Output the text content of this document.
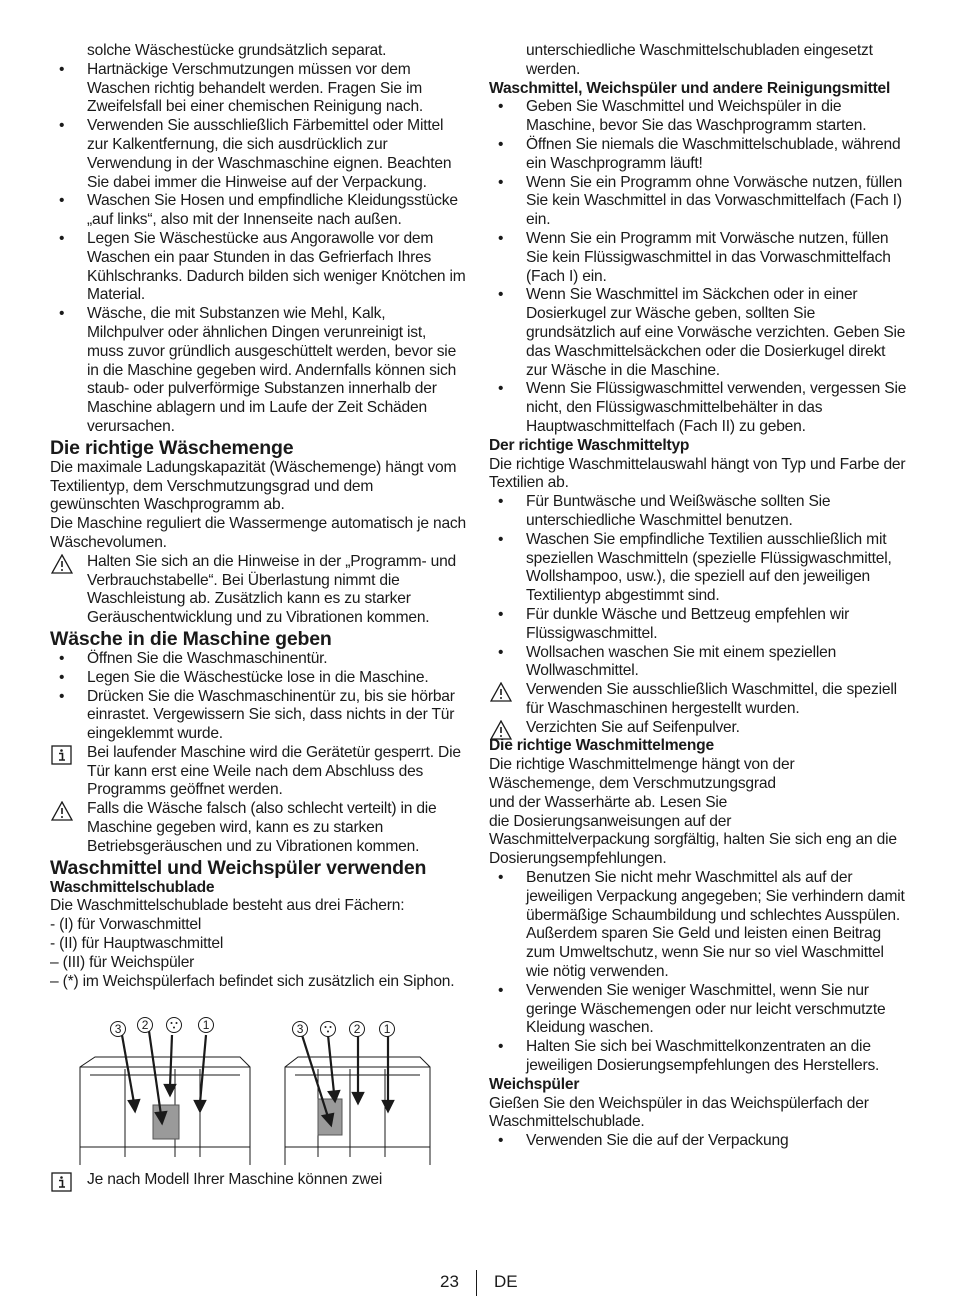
solche Wäschestücke grundsätzlich separat.

• Hartnäckige Verschmutzungen müssen vor dem Waschen richtig behandelt werden. Fragen Sie im Zweifelsfall bei einer chemischen Reinigung nach.

• Verwenden Sie ausschließlich Färbemittel oder Mittel zur Kalkentfernung, die sich ausdrücklich zur Verwendung in der Waschmaschine eignen. Beachten Sie dabei immer die Hinweise auf der Verpackung.

• Waschen Sie Hosen und empfindliche Kleidungsstücke „auf links“, also mit der Innenseite nach außen.

• Legen Sie Wäschestücke aus Angorawolle vor dem Waschen ein paar Stunden in das Gefrierfach Ihres Kühlschranks. Dadurch bilden sich weniger Knötchen im Material.

• Wäsche, die mit Substanzen wie Mehl, Kalk, Milchpulver oder ähnlichen Dingen verunreinigt ist, muss zuvor gründlich ausgeschüttelt werden, bevor sie in die Maschine gegeben wird. Andernfalls können sich staub- oder pulverförmige Substanzen innerhalb der Maschine ablagern und im Laufe der Zeit Schäden verursachen.

Die richtige Wäschemenge

Die maximale Ladungskapazität (Wäschemenge) hängt vom Textilientyp, dem Verschmutzungsgrad und dem gewünschten Waschprogramm ab.

Die Maschine reguliert die Wassermenge automatisch je nach Wäschevolumen.

Halten Sie sich an die Hinweise in der „Programm- und Verbrauchstabelle“. Bei Überlastung nimmt die Waschleistung ab. Zusätzlich kann es zu starker Geräuschentwicklung und zu Vibrationen kommen.

Wäsche in die Maschine geben

• Öffnen Sie die Waschmaschinentür.

• Legen Sie die Wäschestücke lose in die Maschine.

• Drücken Sie die Waschmaschinentür zu, bis sie hörbar einrastet. Vergewissern Sie sich, dass nichts in der Tür eingeklemmt wurde.

Bei laufender Maschine wird die Gerätetür gesperrt. Die Tür kann erst eine Weile nach dem Abschluss des Programms geöffnet werden.
Falls die Wäsche falsch (also schlecht verteilt) in die Maschine gegeben wird, kann es zu starken Betriebsgeräuschen und zu Vibrationen kommen.

Waschmittel und Weichspüler verwenden

Waschmittelschublade

Die Waschmittelschublade besteht aus drei Fächern:

- (I) für Vorwaschmittel

- (II) für Hauptwaschmittel

– (III) für Weichspüler

– (*) im Weichspülerfach befindet sich zusätzlich ein Siphon.

3 2	1	3	2 1
Je nach Modell Ihrer Maschine können zwei

unterschiedliche Waschmittelschubladen eingesetzt werden.

Waschmittel, Weichspüler und andere Reinigungsmittel

• Geben Sie Waschmittel und Weichspüler in die Maschine, bevor Sie das Waschprogramm starten.

• Öffnen Sie niemals die Waschmittelschublade, während ein Waschprogramm läuft!

• Wenn Sie ein Programm ohne Vorwäsche nutzen, füllen Sie kein Waschmittel in das Vorwaschmittelfach (Fach I) ein.

• Wenn Sie ein Programm mit Vorwäsche nutzen, füllen Sie kein Flüssigwaschmittel in das Vorwaschmittelfach (Fach I) ein.

• Wenn Sie Waschmittel im Säckchen oder in einer Dosierkugel zur Wäsche geben, sollten Sie grundsätzlich auf eine Vorwäsche verzichten. Geben Sie das Waschmittelsäckchen oder die Dosierkugel direkt zur Wäsche in die Maschine.

• Wenn Sie Flüssigwaschmittel verwenden, vergessen Sie nicht, den Flüssigwaschmittelbehälter in das Hauptwaschmittelfach (Fach II) zu geben.

Der richtige Waschmitteltyp

Die richtige Waschmittelauswahl hängt von Typ und Farbe der Textilien ab.

• Für Buntwäsche und Weißwäsche sollten Sie unterschiedliche Waschmittel benutzen.

• Waschen Sie empfindliche Textilien ausschließlich mit speziellen Waschmitteln (spezielle Flüssigwaschmittel, Wollshampoo, usw.), die speziell auf den jeweiligen Textilientyp abgestimmt sind.

• Für dunkle Wäsche und Bettzeug empfehlen wir Flüssigwaschmittel.

• Wollsachen waschen Sie mit einem speziellen Wollwaschmittel.

Verwenden Sie ausschließlich Waschmittel, die speziell für Waschmaschinen hergestellt wurden.
Verzichten Sie auf Seifenpulver.

Die richtige Waschmittelmenge

Die richtige Waschmittelmenge hängt von der

Wäschemenge, dem Verschmutzungsgrad

und der Wasserhärte ab. Lesen Sie

die Dosierungsanweisungen auf der

Waschmittelverpackung sorgfältig, halten Sie sich eng an die Dosierungsempfehlungen.

• Benutzen Sie nicht mehr Waschmittel als auf der jeweiligen Verpackung angegeben; Sie verhindern damit übermäßige Schaumbildung und schlechtes Ausspülen. Außerdem sparen Sie Geld und leisten einen Beitrag zum Umweltschutz, wenn Sie nur so viel Waschmittel wie nötig verwenden.

• Verwenden Sie weniger Waschmittel, wenn Sie nur geringe Wäschemengen oder nur leicht verschmutzte Kleidung waschen.

• Halten Sie sich bei Waschmittelkonzentraten an die jeweiligen Dosierungsempfehlungen des Herstellers.

Weichspüler

Gießen Sie den Weichspüler in das Weichspülerfach der Waschmittelschublade.

• Verwenden Sie die auf der Verpackung

23 DE
